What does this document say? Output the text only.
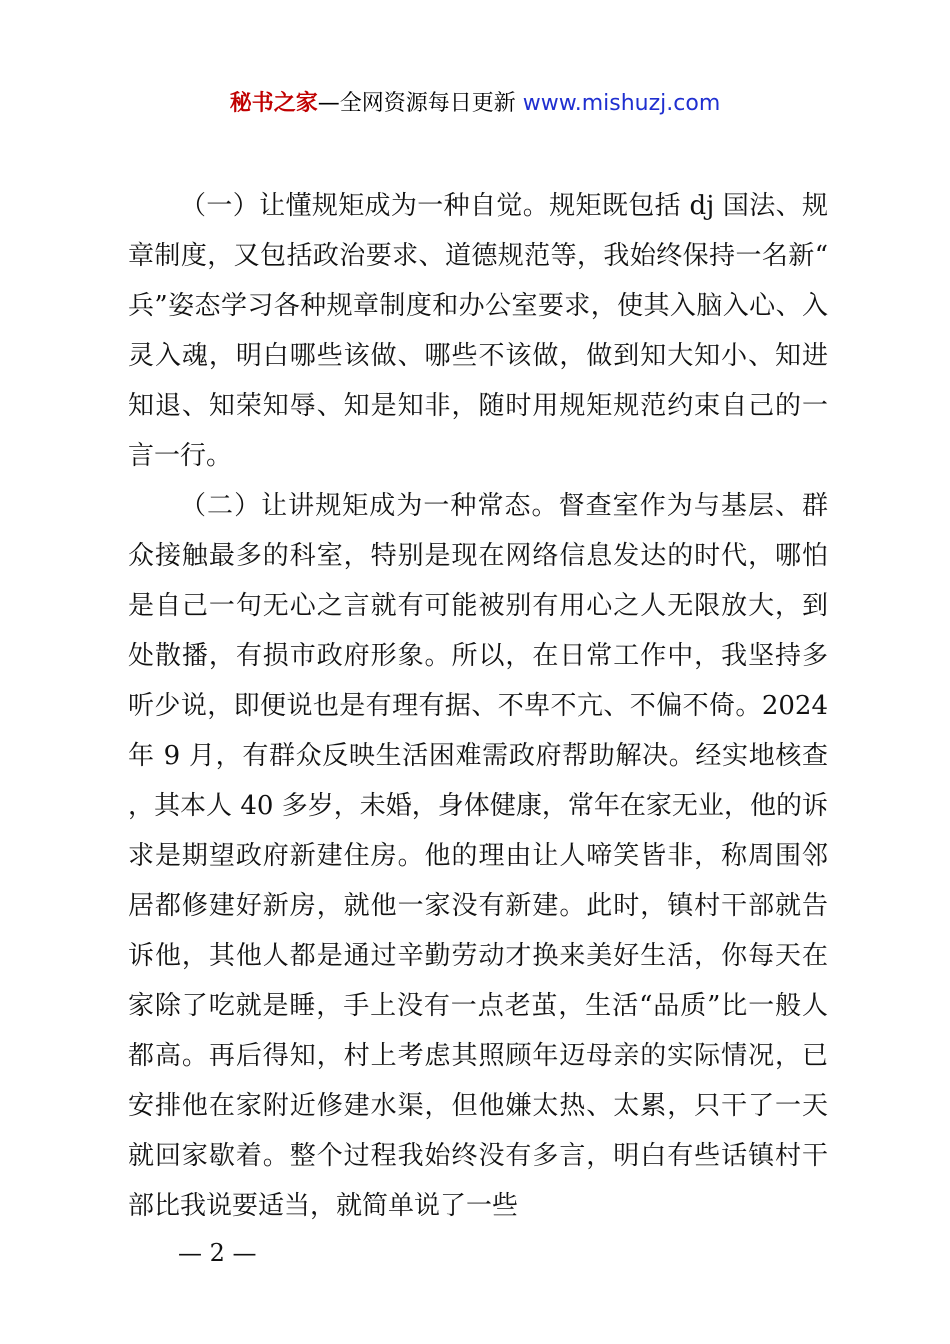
秘书之家—全网资源每日更新 www.mishuzj.com

（一）让懂规矩成为一种自觉。规矩既包括 dj 国法、规章制度，又包括政治要求、道德规范等，我始终保持一名新“兵”姿态学习各种规章制度和办公室要求，使其入脑入心、入灵入魂，明白哪些该做、哪些不该做，做到知大知小、知进知退、知荣知辱、知是知非，随时用规矩规范约束自己的一言一行。

（二）让讲规矩成为一种常态。督查室作为与基层、群众接触最多的科室，特别是现在网络信息发达的时代，哪怕是自己一句无心之言就有可能被别有用心之人无限放大，到处散播，有损市政府形象。所以，在日常工作中，我坚持多听少说，即便说也是有理有据、不卑不亢、不偏不倚。2024 年 9 月，有群众反映生活困难需政府帮助解决。经实地核查，其本人 40 多岁，未婚，身体健康，常年在家无业，他的诉求是期望政府新建住房。他的理由让人啼笑皆非，称周围邻居都修建好新房，就他一家没有新建。此时，镇村干部就告诉他，其他人都是通过辛勤劳动才换来美好生活，你每天在家除了吃就是睡，手上没有一点老茧，生活“品质”比一般人都高。再后得知，村上考虑其照顾年迈母亲的实际情况，已安排他在家附近修建水渠，但他嫌太热、太累，只干了一天就回家歇着。整个过程我始终没有多言，明白有些话镇村干部比我说要适当，就简单说了一些

— 2 —
